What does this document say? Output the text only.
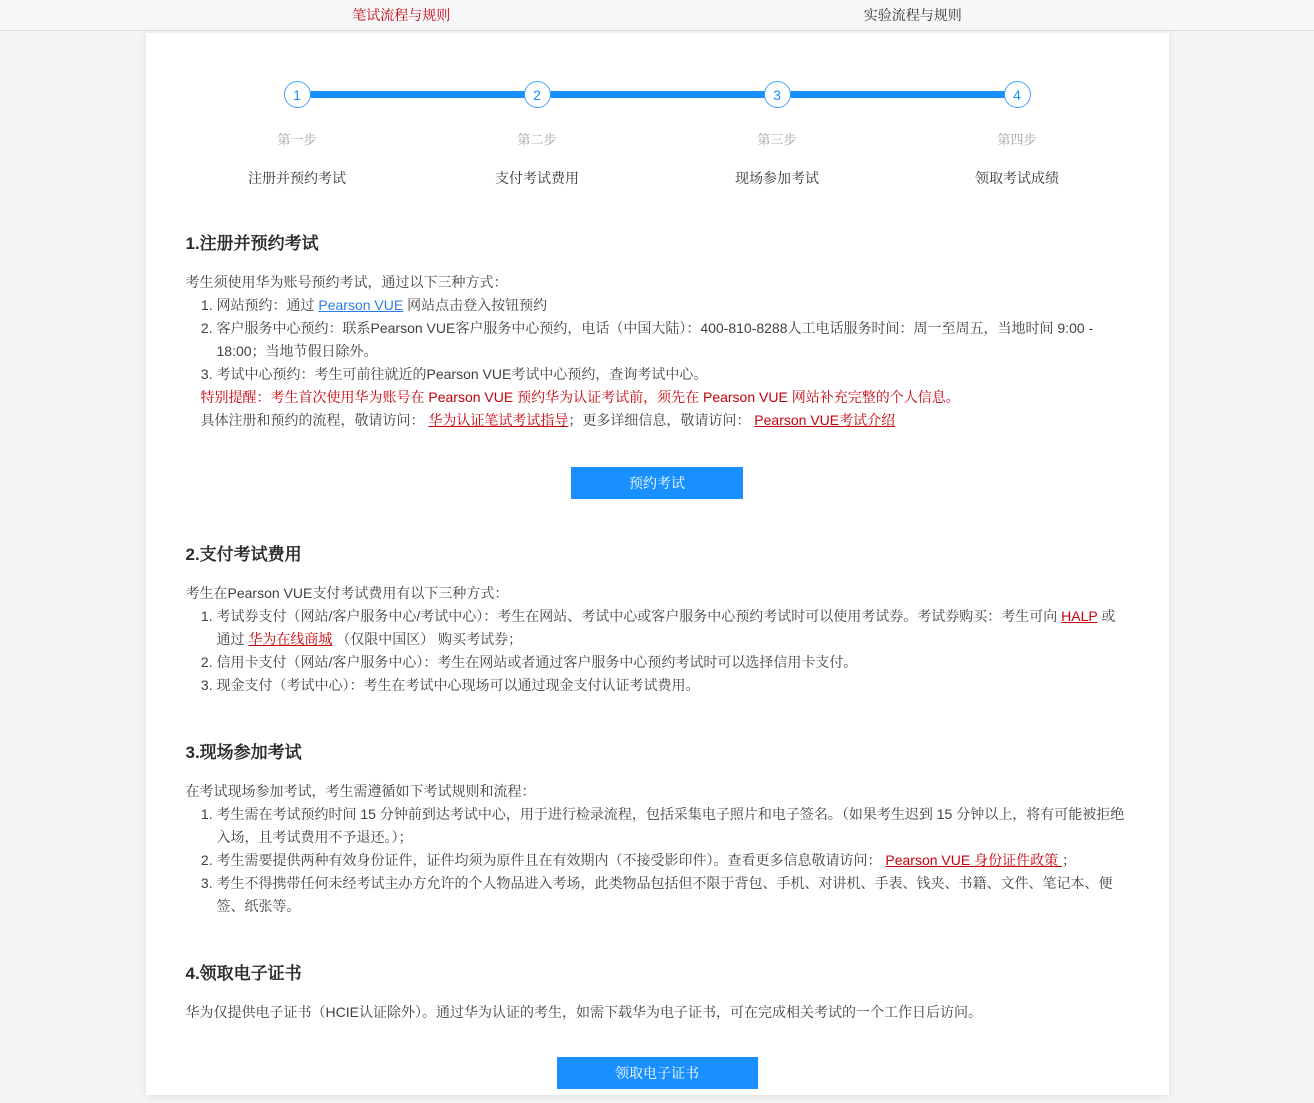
笔试流程与规则	实验流程与规则
1
第一步
注册并预约考试
2
第二步
支付考试费用
3
第三步
现场参加考试
4
第四步
领取考试成绩
1.注册并预约考试

考生须使用华为账号预约考试，通过以下三种方式：

1. 网站预约：通过 Pearson VUE 网站点击登入按钮预约
2. 客户服务中心预约：联系Pearson VUE客户服务中心预约，电话（中国大陆）：400-810-8288人工电话服务时间：周一至周五，当地时间 9:00 - 18:00；当地节假日除外。
3. 考试中心预约：考生可前往就近的Pearson VUE考试中心预约，查询考试中心。

特别提醒：考生首次使用华为账号在 Pearson VUE 预约华为认证考试前，须先在 Pearson VUE 网站补充完整的个人信息。

具体注册和预约的流程，敬请访问： 华为认证笔试考试指导；更多详细信息，敬请访问： Pearson VUE考试介绍

预约考试
2.支付考试费用

考生在Pearson VUE支付考试费用有以下三种方式：

1. 考试券支付（网站/客户服务中心/考试中心）：考生在网站、考试中心或客户服务中心预约考试时可以使用考试券。考试券购买：考生可向 HALP 或通过 华为在线商城 （仅限中国区） 购买考试券；
2. 信用卡支付（网站/客户服务中心）：考生在网站或者通过客户服务中心预约考试时可以选择信用卡支付。
3. 现金支付（考试中心）：考生在考试中心现场可以通过现金支付认证考试费用。
3.现场参加考试

在考试现场参加考试，考生需遵循如下考试规则和流程：

1. 考生需在考试预约时间 15 分钟前到达考试中心，用于进行检录流程，包括采集电子照片和电子签名。（如果考生迟到 15 分钟以上，将有可能被拒绝入场，且考试费用不予退还。）；
2. 考生需要提供两种有效身份证件，证件均须为原件且在有效期内（不接受影印件）。查看更多信息敬请访问： Pearson VUE 身份证件政策 ；
3. 考生不得携带任何未经考试主办方允许的个人物品进入考场，此类物品包括但不限于背包、手机、对讲机、手表、钱夹、书籍、文件、笔记本、便签、纸张等。
4.领取电子证书

华为仅提供电子证书（HCIE认证除外）。通过华为认证的考生，如需下载华为电子证书，可在完成相关考试的一个工作日后访问。

领取电子证书
